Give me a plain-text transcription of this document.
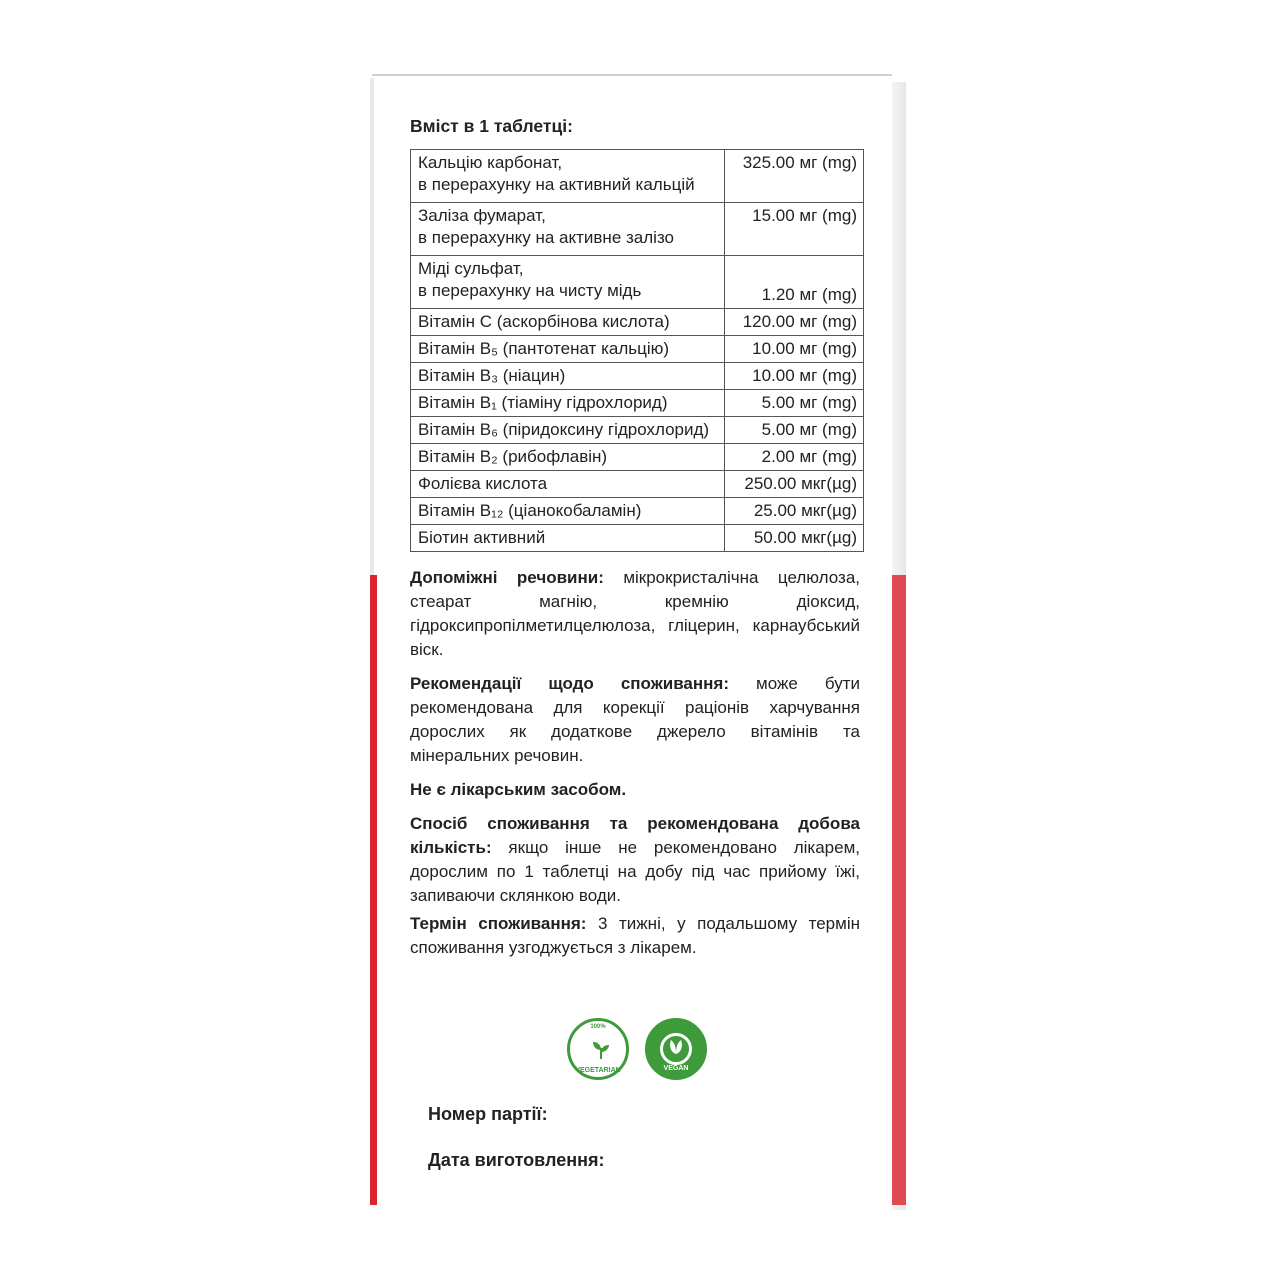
Вміст в 1 таблетці:
Кальцію карбонат,
в перерахунку на активний кальцій	325.00 мг (mg)
Заліза фумарат,
в перерахунку на активне залізо	15.00 мг (mg)
Міді сульфат,
в перерахунку на чисту мідь	1.20 мг (mg)
Вітамін С (аскорбінова кислота)	120.00 мг (mg)
Вітамін B₅ (пантотенат кальцію)	10.00 мг (mg)
Вітамін B₃ (ніацин)	10.00 мг (mg)
Вітамін B₁ (тіаміну гідрохлорид)	5.00 мг (mg)
Вітамін B₆ (піридоксину гідрохлорид)	5.00 мг (mg)
Вітамін B₂ (рибофлавін)	2.00 мг (mg)
Фолієва кислота	250.00 мкг(µg)
Вітамін B₁₂ (ціанокобаламін)	25.00 мкг(µg)
Біотин активний	50.00 мкг(µg)

Допоміжні речовини: мікрокристалічна целюлоза, стеарат магнію, кремнію діоксид, гідроксипропілметилцелюлоза, гліцерин, карнаубський віск.

Рекомендації щодо споживання: може бути рекомендована для корекції раціонів харчування дорослих як додаткове джерело вітамінів та мінеральних речовин.

Не є лікарським засобом.

Спосіб споживання та рекомендована добова кількість: якщо інше не рекомендовано лікарем, дорослим по 1 таблетці на добу під час прийому їжі, запиваючи склянкою води.

Термін споживання: 3 тижні, у подальшому термін споживання узгоджується з лікарем.

100%
VEGETARIAN	VEGAN
Номер партії:
Дата виготовлення:
